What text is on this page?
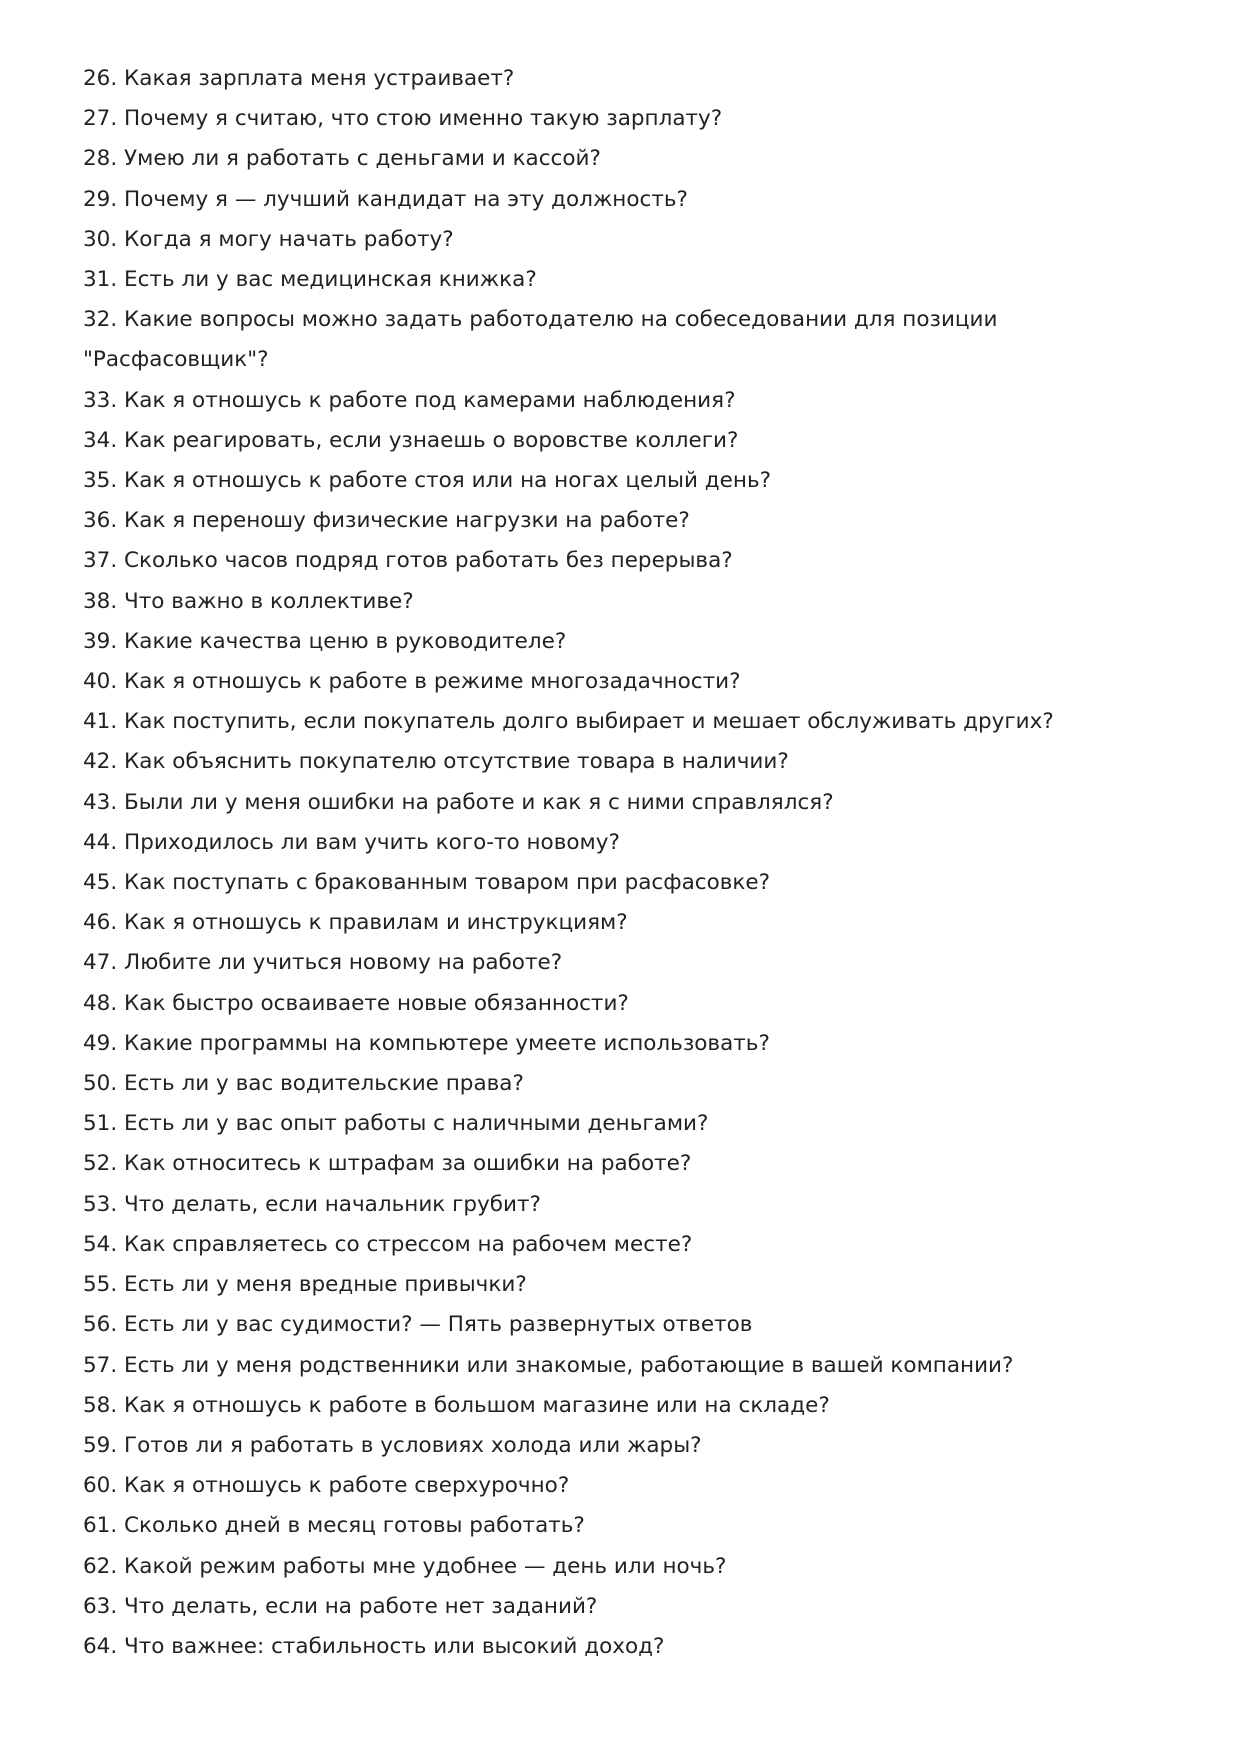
26. Какая зарплата меня устраивает?
27. Почему я считаю, что стою именно такую зарплату?
28. Умею ли я работать с деньгами и кассой?
29. Почему я — лучший кандидат на эту должность?
30. Когда я могу начать работу?
31. Есть ли у вас медицинская книжка?
32. Какие вопросы можно задать работодателю на собеседовании для позиции "Расфасовщик"?
33. Как я отношусь к работе под камерами наблюдения?
34. Как реагировать, если узнаешь о воровстве коллеги?
35. Как я отношусь к работе стоя или на ногах целый день?
36. Как я переношу физические нагрузки на работе?
37. Сколько часов подряд готов работать без перерыва?
38. Что важно в коллективе?
39. Какие качества ценю в руководителе?
40. Как я отношусь к работе в режиме многозадачности?
41. Как поступить, если покупатель долго выбирает и мешает обслуживать других?
42. Как объяснить покупателю отсутствие товара в наличии?
43. Были ли у меня ошибки на работе и как я с ними справлялся?
44. Приходилось ли вам учить кого-то новому?
45. Как поступать с бракованным товаром при расфасовке?
46. Как я отношусь к правилам и инструкциям?
47. Любите ли учиться новому на работе?
48. Как быстро осваиваете новые обязанности?
49. Какие программы на компьютере умеете использовать?
50. Есть ли у вас водительские права?
51. Есть ли у вас опыт работы с наличными деньгами?
52. Как относитесь к штрафам за ошибки на работе?
53. Что делать, если начальник грубит?
54. Как справляетесь со стрессом на рабочем месте?
55. Есть ли у меня вредные привычки?
56. Есть ли у вас судимости? — Пять развернутых ответов
57. Есть ли у меня родственники или знакомые, работающие в вашей компании?
58. Как я отношусь к работе в большом магазине или на складе?
59. Готов ли я работать в условиях холода или жары?
60. Как я отношусь к работе сверхурочно?
61. Сколько дней в месяц готовы работать?
62. Какой режим работы мне удобнее — день или ночь?
63. Что делать, если на работе нет заданий?
64. Что важнее: стабильность или высокий доход?
